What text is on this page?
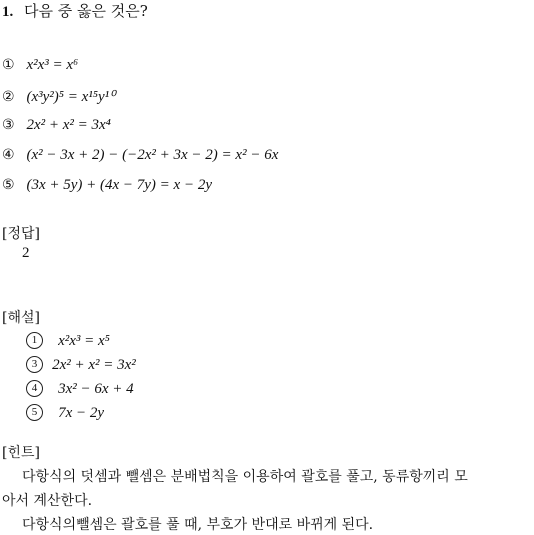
1. 다음 중 옳은 것은?
① x²x³ = x⁶
② (x³y²)⁵ = x¹⁵y¹⁰
③ 2x² + x² = 3x⁴
④ (x² − 3x + 2) − (−2x² + 3x − 2) = x² − 6x
⑤ (3x + 5y) + (4x − 7y) = x − 2y
[정답]
2
[해설]
1 x²x³ = x⁵
3 2x² + x² = 3x²
4 3x² − 6x + 4
5 7x − 2y
[힌트]
다항식의 덧셈과 뺄셈은 분배법칙을 이용하여 괄호를 풀고, 동류항끼리 모
아서 계산한다.
다항식의뺄셈은 괄호를 풀 때, 부호가 반대로 바뀌게 된다.
